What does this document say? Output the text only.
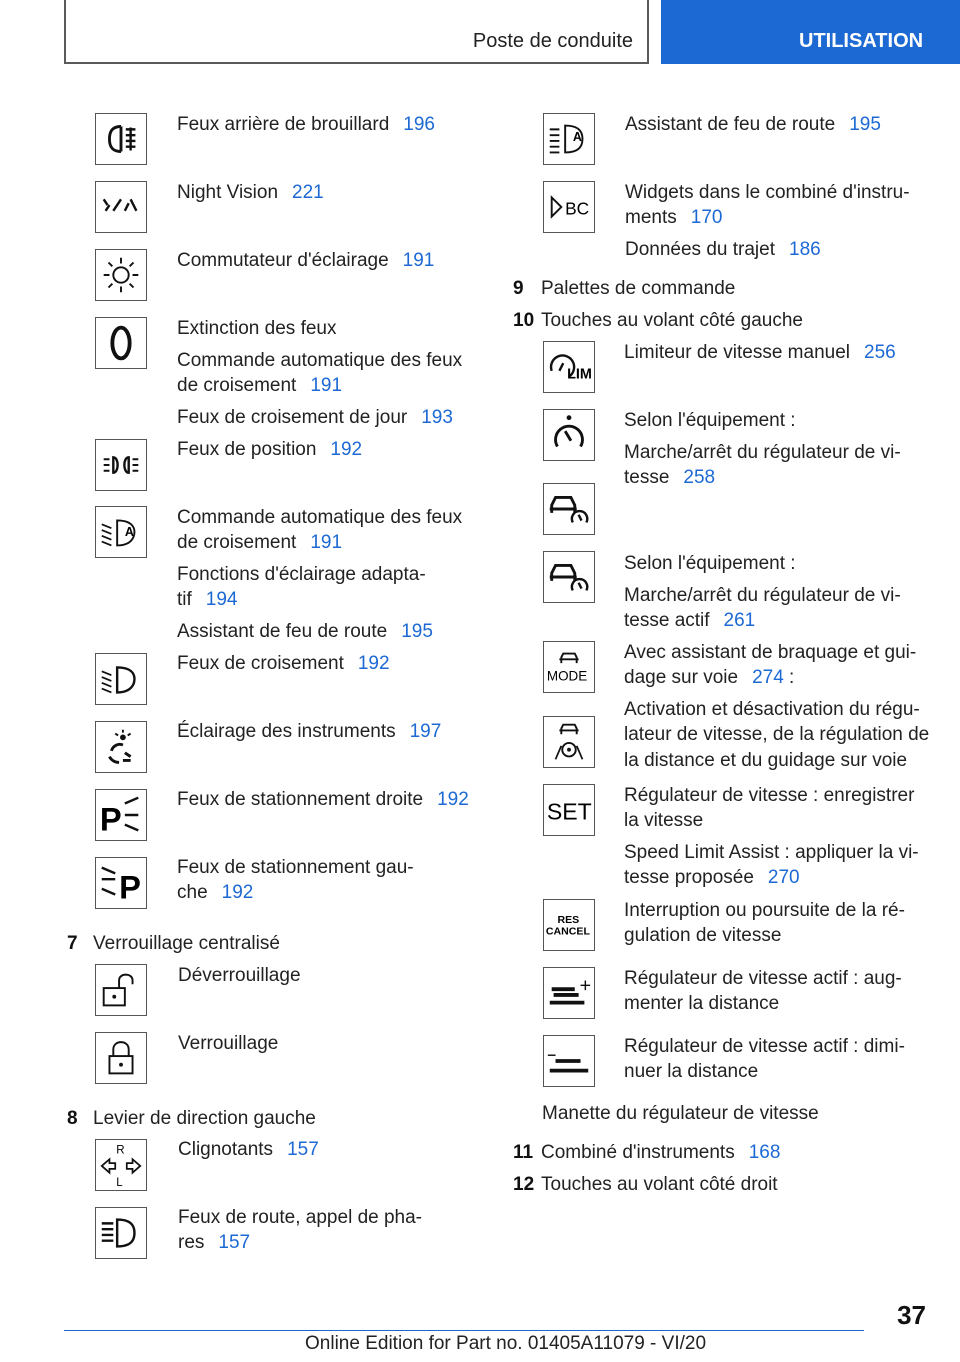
Poste de conduite	UTILISATION
Feux arrière de brouillard 196
Night Vision 221
Commutateur d'éclairage 191
Extinction des feux
Commande automatique des feux
de croisement 191
Feux de croisement de jour 193
Feux de position 192
A
Commande automatique des feux
de croisement 191
Fonctions d'éclairage adapta-
tif 194
Assistant de feu de route 195
Feux de croisement 192
Éclairage des instruments 197
P
Feux de stationnement droite 192
P
Feux de stationnement gau-
che 192
7 Verrouillage centralisé
Déverrouillage
Verrouillage
8 Levier de direction gauche
R
L
Clignotants 157
Feux de route, appel de pha-
res 157
A
Assistant de feu de route 195
BC
Widgets dans le combiné d'instru-
ments 170
Données du trajet 186
9 Palettes de commande
10 Touches au volant côté gauche
LIM
Limiteur de vitesse manuel 256
Selon l'équipement :
Marche/arrêt du régulateur de vi-
tesse 258
Selon l'équipement :
Marche/arrêt du régulateur de vi-
tesse actif 261
MODE
Avec assistant de braquage et gui-
dage sur voie 274 :
Activation et désactivation du régu-
lateur de vitesse, de la régulation de
la distance et du guidage sur voie
SET
Régulateur de vitesse : enregistrer
la vitesse
Speed Limit Assist : appliquer la vi-
tesse proposée 270
RES
CANCEL
Interruption ou poursuite de la ré-
gulation de vitesse
Régulateur de vitesse actif : aug-
menter la distance
Régulateur de vitesse actif : dimi-
nuer la distance
Manette du régulateur de vitesse
11 Combiné d'instruments 168
12 Touches au volant côté droit
37
Online Edition for Part no. 01405A11079 - VI/20
